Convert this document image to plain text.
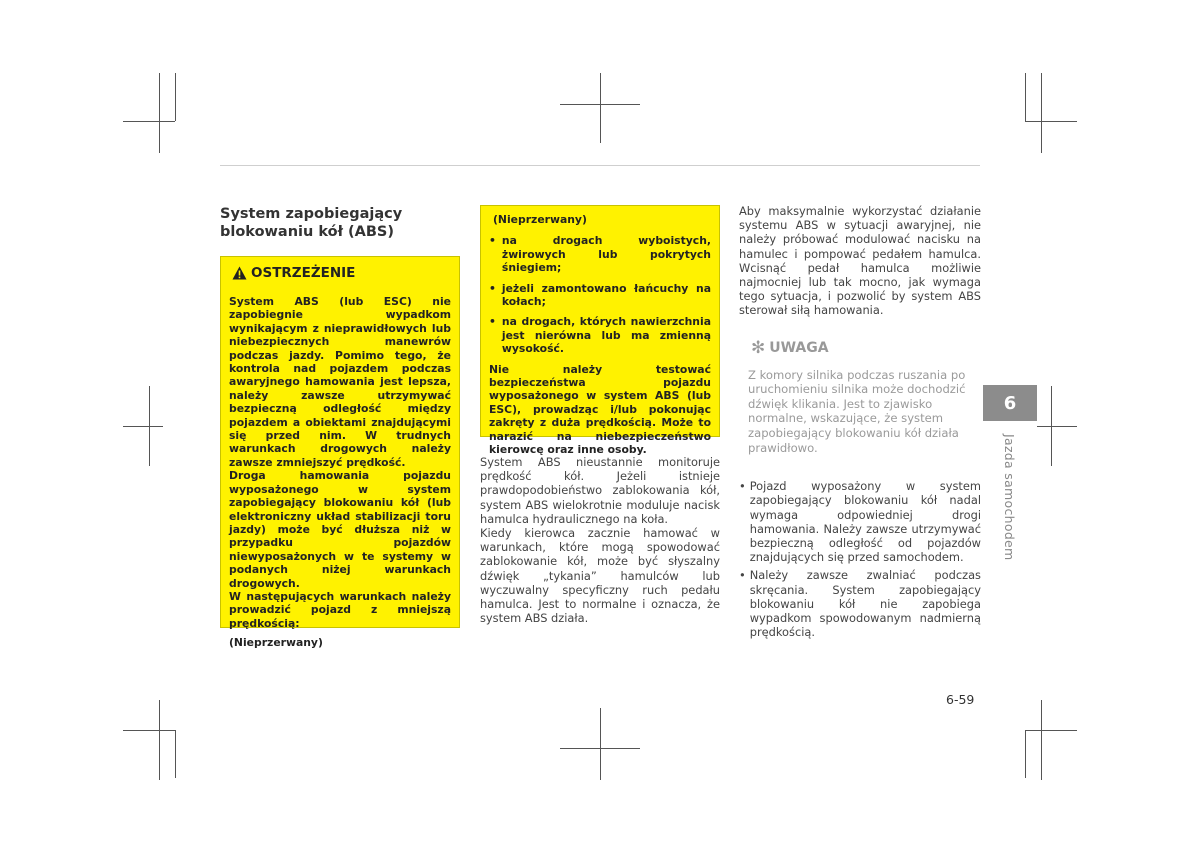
System zapobiegający
blokowaniu kół (ABS)
OSTRZEŻENIE

System ABS (lub ESC) nie zapobiegnie wypadkom wynikającym z nieprawidłowych lub niebezpiecznych manewrów podczas jazdy. Pomimo tego, że kontrola nad pojazdem podczas awaryjnego hamowania jest lepsza, należy zawsze utrzymywać bezpieczną odległość między pojazdem a obiektami znajdującymi się przed nim. W trudnych warunkach drogowych należy zawsze zmniejszyć prędkość.

Droga hamowania pojazdu wyposażonego w system zapobiegający blokowaniu kół (lub elektroniczny układ stabilizacji toru jazdy) może być dłuższa niż w przypadku pojazdów niewyposażonych w te systemy w podanych niżej warunkach drogowych.

W następujących warunkach należy prowadzić pojazd z mniejszą prędkością:

(Nieprzerwany)

(Nieprzerwany)

• na drogach wyboistych, żwirowych lub pokrytych śniegiem;
• jeżeli zamontowano łańcuchy na kołach;
• na drogach, których nawierzchnia jest nierówna lub ma zmienną wysokość.

Nie należy testować bezpieczeństwa pojazdu wyposażonego w system ABS (lub ESC), prowadząc i/lub pokonując zakręty z duża prędkością. Może to narazić na niebezpieczeństwo kierowcę oraz inne osoby.

System ABS nieustannie monitoruje prędkość kół. Jeżeli istnieje prawdopodobieństwo zablokowania kół, system ABS wielokrotnie moduluje nacisk hamulca hydraulicznego na koła.

Kiedy kierowca zacznie hamować w warunkach, które mogą spowodować zablokowanie kół, może być słyszalny dźwięk „tykania” hamulców lub wyczuwalny specyficzny ruch pedału hamulca. Jest to normalne i oznacza, że system ABS działa.

Aby maksymalnie wykorzystać działanie systemu ABS w sytuacji awaryjnej, nie należy próbować modulować nacisku na hamulec i pompować pedałem hamulca. Wcisnąć pedał hamulca możliwie najmocniej lub tak mocno, jak wymaga tego sytuacja, i pozwolić by system ABS sterował siłą hamowania.

✻ UWAGA

Z komory silnika podczas ruszania po uruchomieniu silnika może dochodzić dźwięk klikania. Jest to zjawisko normalne, wskazujące, że system zapobiegający blokowaniu kół działa prawidłowo.

• Pojazd wyposażony w system zapobiegający blokowaniu kół nadal wymaga odpowiedniej drogi hamowania. Należy zawsze utrzymywać bezpieczną odległość od pojazdów znajdujących się przed samochodem.
• Należy zawsze zwalniać podczas skręcania. System zapobiegający blokowaniu kół nie zapobiega wypadkom spowodowanym nadmierną prędkością.
6
Jazda samochodem
6-59
